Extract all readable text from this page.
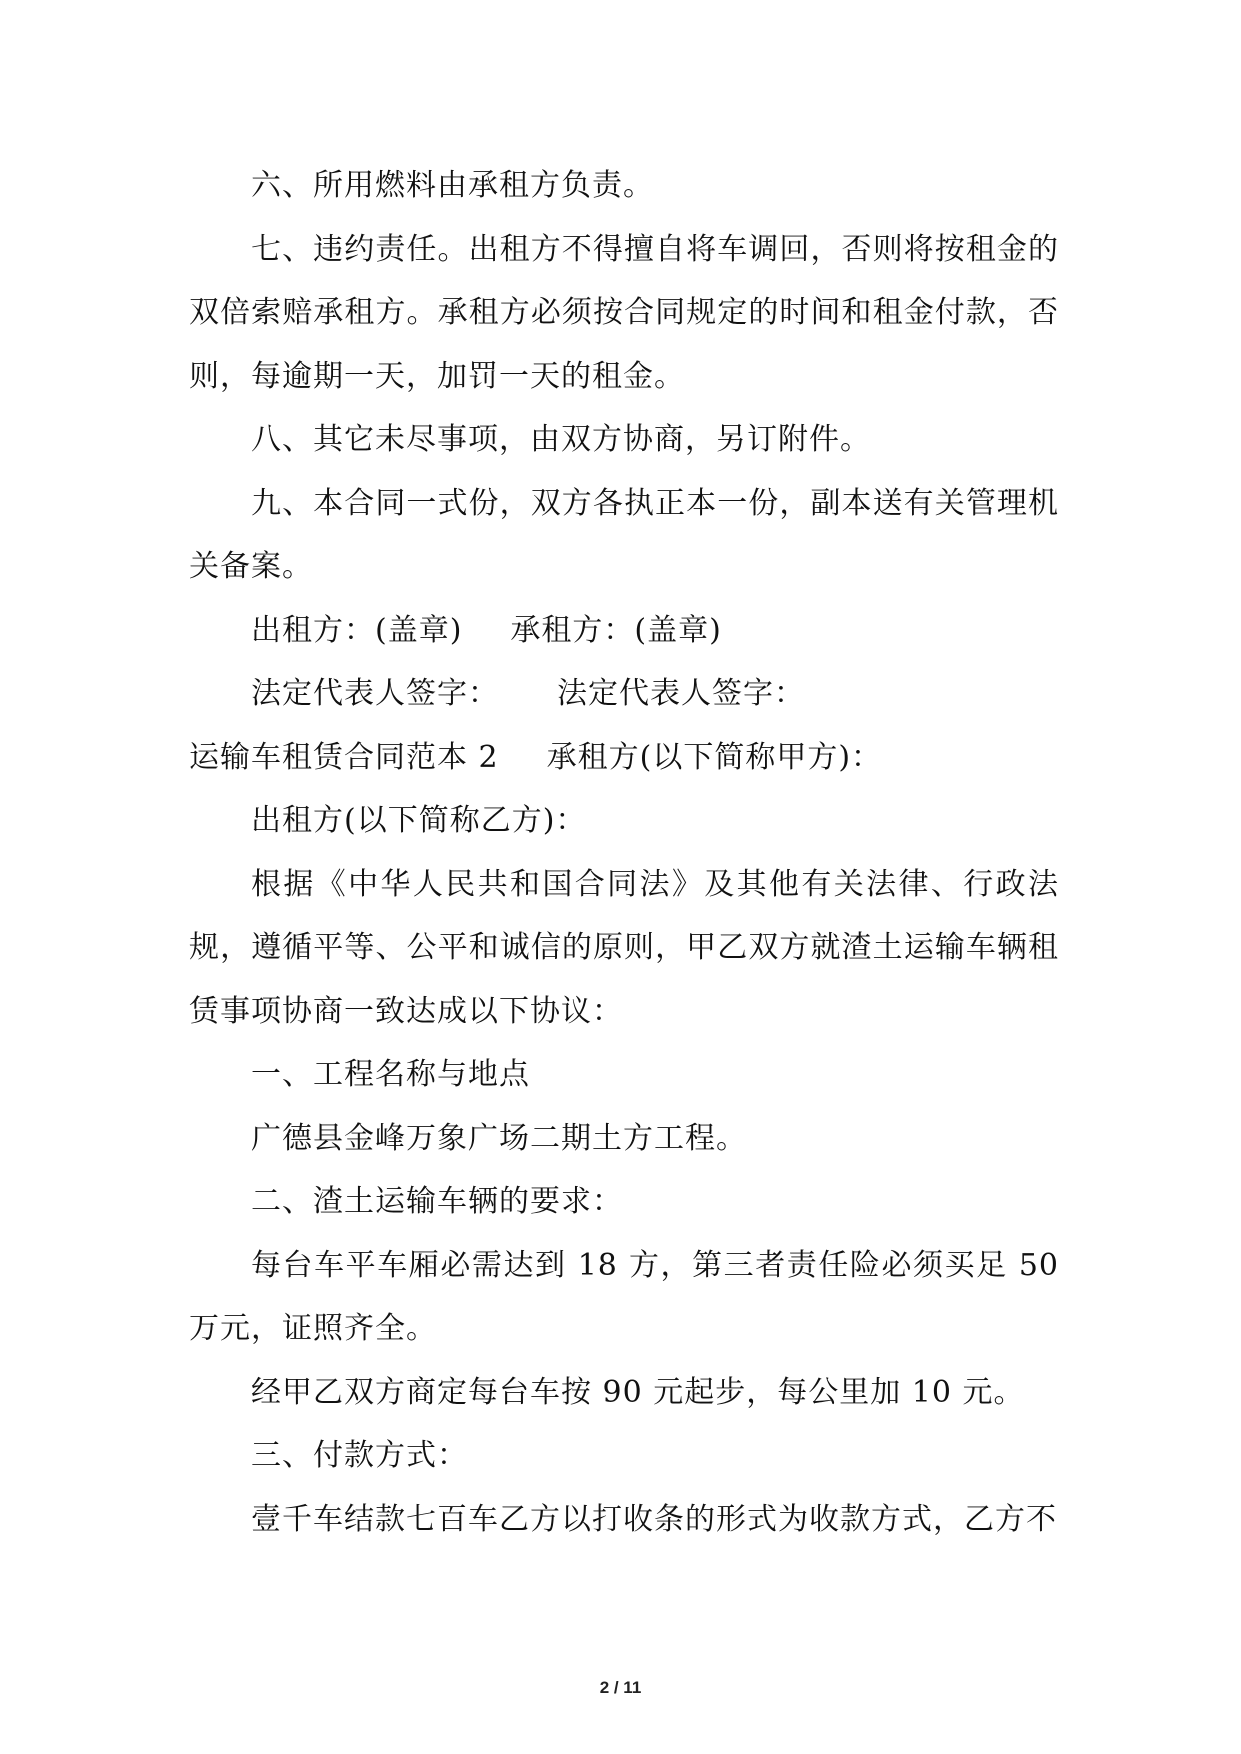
六、所用燃料由承租方负责。

七、违约责任。出租方不得擅自将车调回，否则将按租金的双倍索赔承租方。承租方必须按合同规定的时间和租金付款，否则，每逾期一天，加罚一天的租金。

八、其它未尽事项，由双方协商，另订附件。

九、本合同一式份，双方各执正本一份，副本送有关管理机关备案。

出租方：(盖章) 承租方：(盖章)

法定代表人签字： 法定代表人签字：

运输车租赁合同范本 2 承租方(以下简称甲方)：

出租方(以下简称乙方)：

根据《中华人民共和国合同法》及其他有关法律、行政法规，遵循平等、公平和诚信的原则，甲乙双方就渣土运输车辆租赁事项协商一致达成以下协议：

一、工程名称与地点

广德县金峰万象广场二期土方工程。

二、渣土运输车辆的要求：

每台车平车厢必需达到 18 方，第三者责任险必须买足 50 万元，证照齐全。

经甲乙双方商定每台车按 90 元起步，每公里加 10 元。

三、付款方式：

壹千车结款七百车乙方以打收条的形式为收款方式，乙方不

2 / 11
